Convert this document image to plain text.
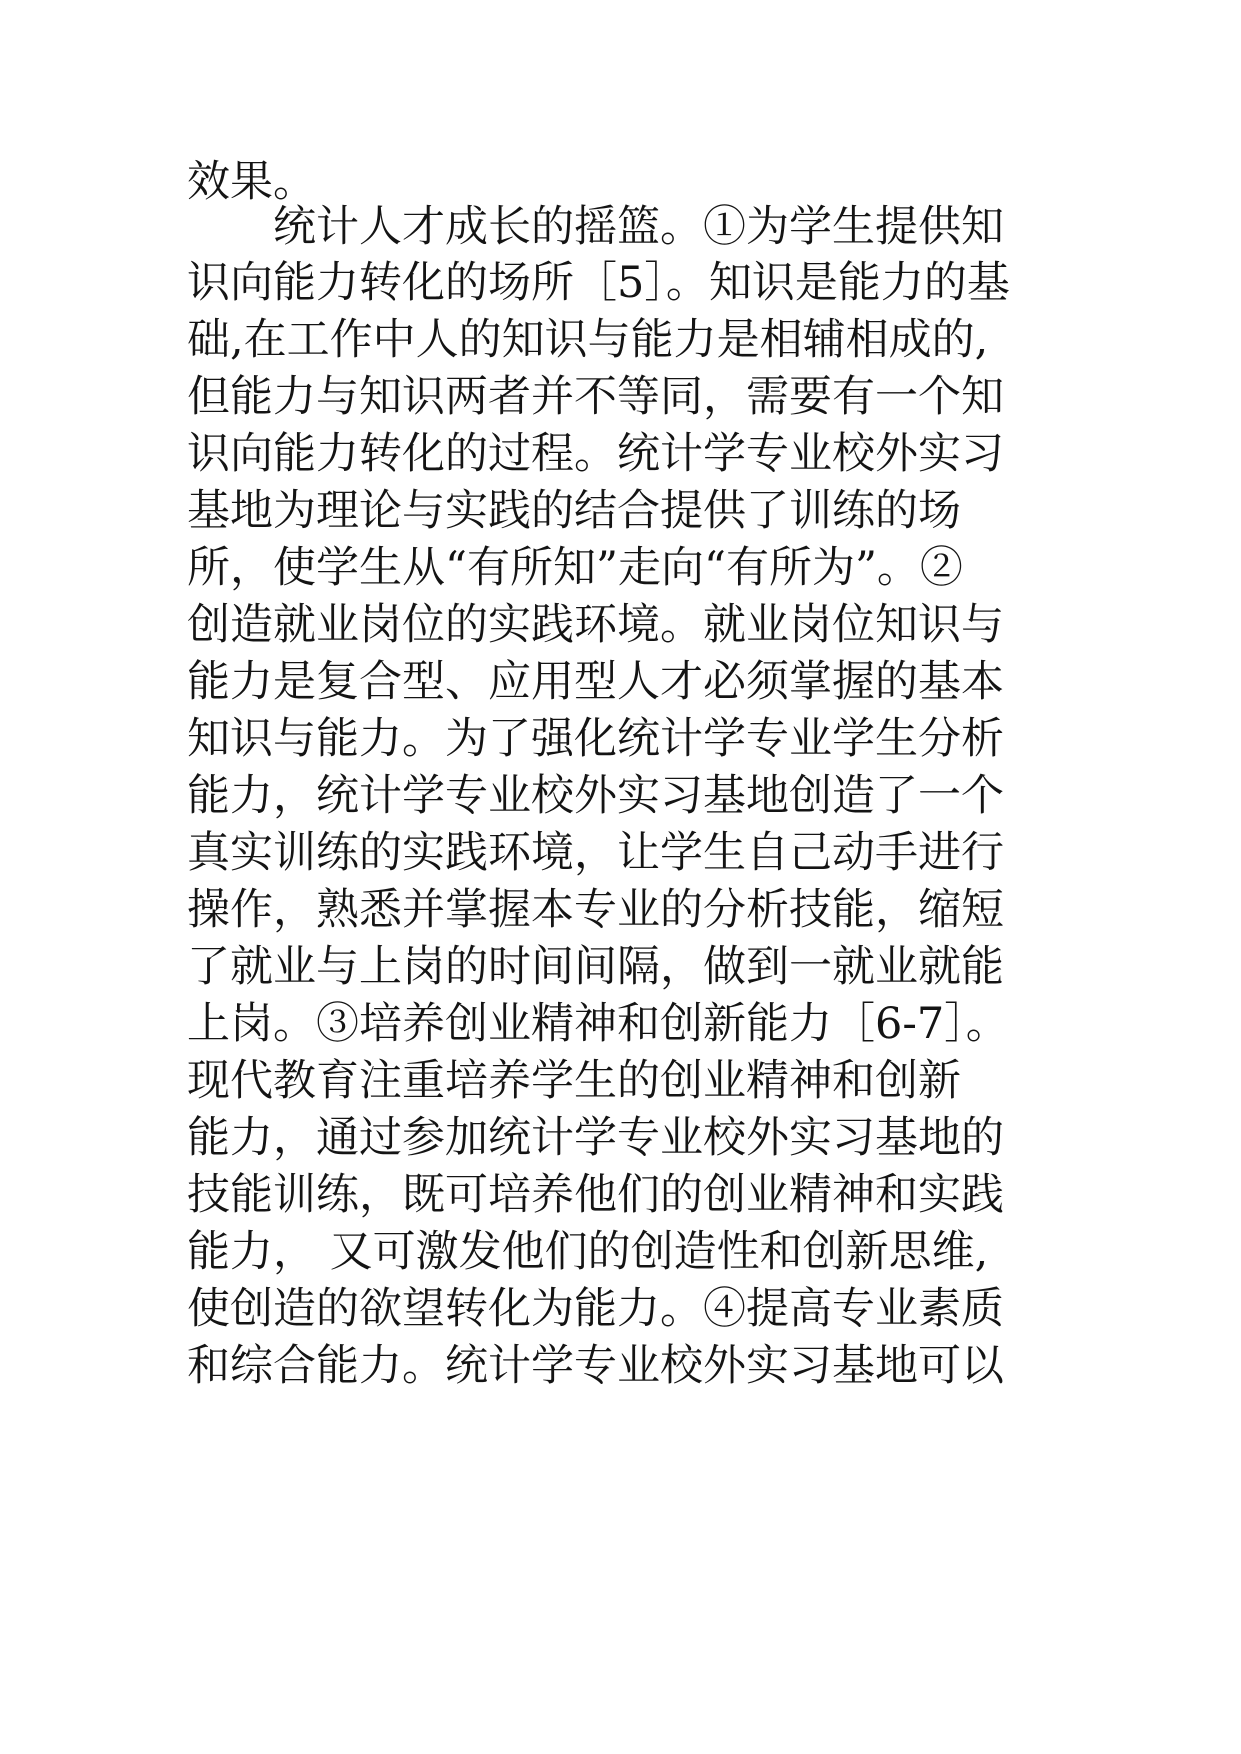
效果。

统计人才成长的摇篮。①为学生提供知

识向能力转化的场所［5］。知识是能力的基

础,在工作中人的知识与能力是相辅相成的,

但能力与知识两者并不等同，需要有一个知

识向能力转化的过程。统计学专业校外实习

基地为理论与实践的结合提供了训练的场

所，使学生从“有所知”走向“有所为”。②

创造就业岗位的实践环境。就业岗位知识与

能力是复合型、应用型人才必须掌握的基本

知识与能力。为了强化统计学专业学生分析

能力，统计学专业校外实习基地创造了一个

真实训练的实践环境，让学生自己动手进行

操作，熟悉并掌握本专业的分析技能，缩短

了就业与上岗的时间间隔，做到一就业就能

上岗。③培养创业精神和创新能力［6-7］。

现代教育注重培养学生的创业精神和创新

能力，通过参加统计学专业校外实习基地的

技能训练，既可培养他们的创业精神和实践

能力， 又可激发他们的创造性和创新思维,

使创造的欲望转化为能力。④提高专业素质

和综合能力。统计学专业校外实习基地可以
